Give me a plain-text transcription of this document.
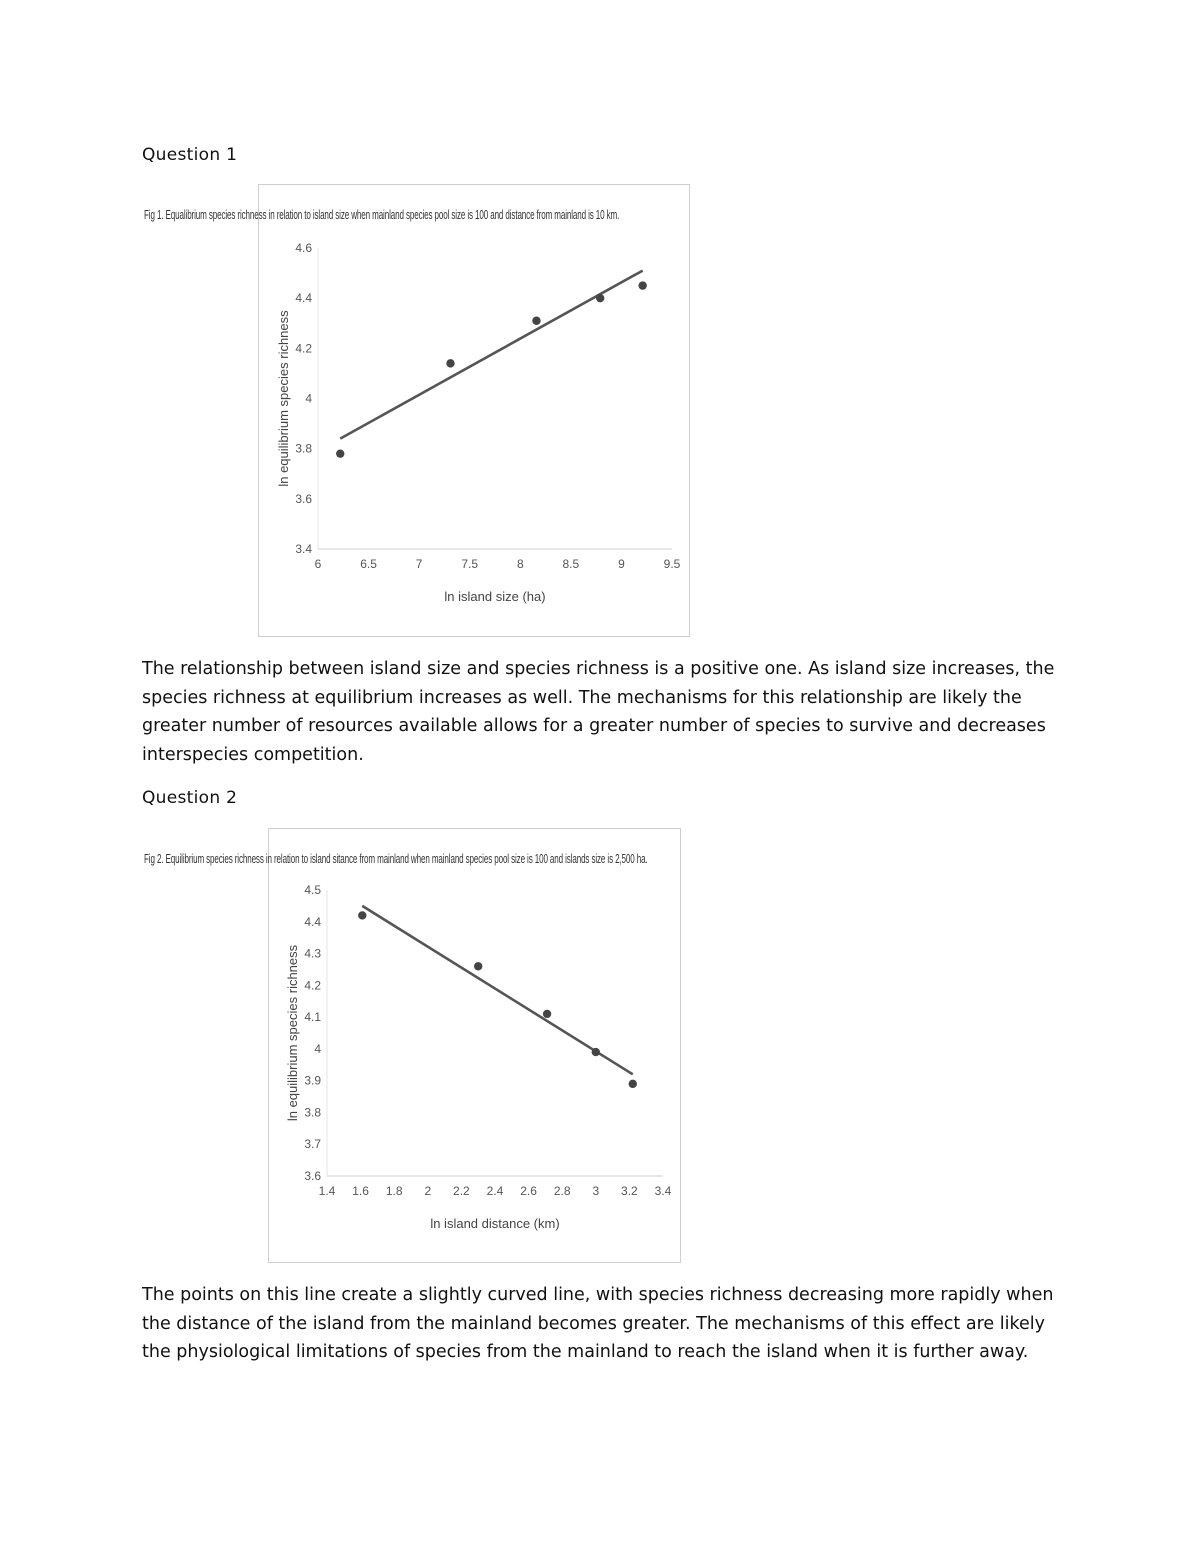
Question 1
Fig 1. Equalibrium species richness in relation to island size when mainland species pool size is 100 and distance from mainland is 10 km.

The relationship between island size and species richness is a positive one. As island size increases, the species richness at equilibrium increases as well. The mechanisms for this relationship are likely the greater number of resources available allows for a greater number of species to survive and decreases interspecies competition.

Question 2
Fig 2. Equilibrium species richness in relation to island sitance from mainland when mainland species pool size is 100 and islands size is 2,500 ha.

The points on this line create a slightly curved line, with species richness decreasing more rapidly when the distance of the island from the mainland becomes greater. The mechanisms of this effect are likely the physiological limitations of species from the mainland to reach the island when it is further away.

6	6.5	7	7.5	8	8.5	9	9.5
3.4
3.6
3.8
4
4.2
4.4
4.6
ln island size (ha)
ln equilibrium species richness
1.4 1.6 1.8 2 2.2 2.4 2.6 2.8 3 3.2 3.4
3.6
3.7
3.8
3.9
4
4.1
4.2
4.3
4.4
4.5
ln island distance (km)
ln equilibrium species richness
